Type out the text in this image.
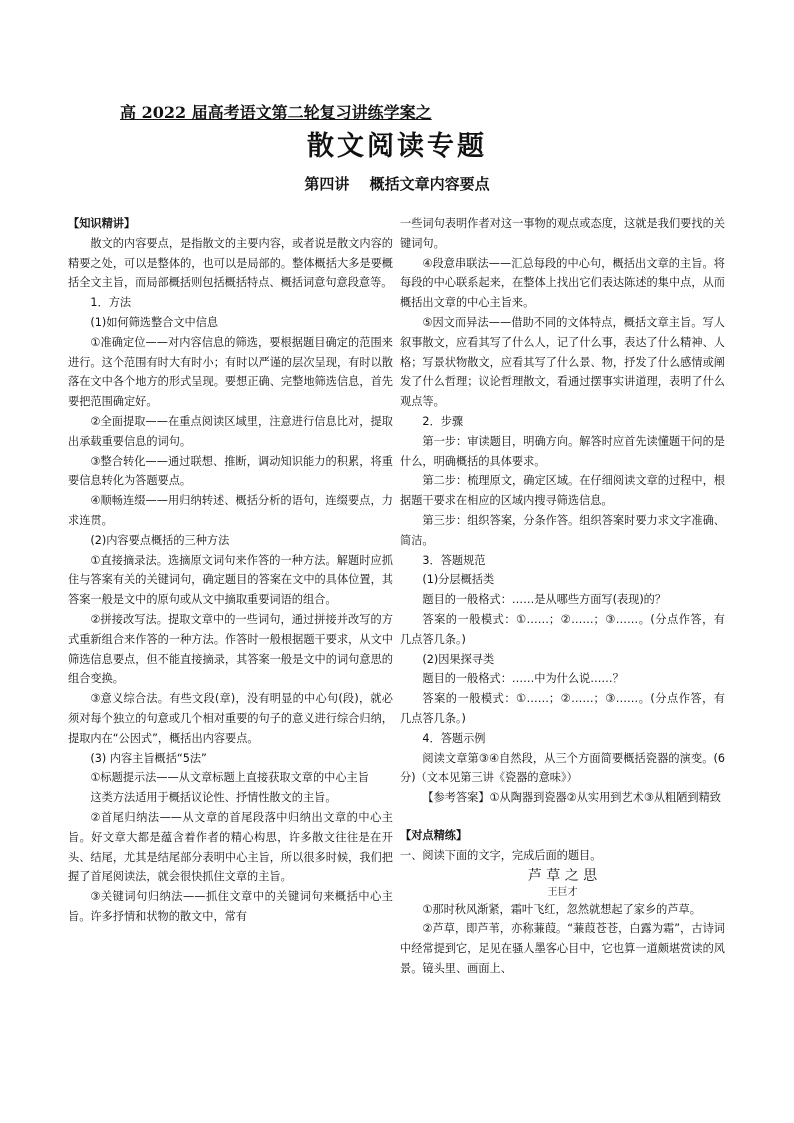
高 2022 届高考语文第二轮复习讲练学案之
散文阅读专题
第四讲　 概括文章内容要点

【知识精讲】

散文的内容要点，是指散文的主要内容，或者说是散文内容的精要之处，可以是整体的，也可以是局部的。整体概括大多是要概括全文主旨，而局部概括则包括概括特点、概括词意句意段意等。

1．方法

(1)如何筛选整合文中信息

①准确定位——对内容信息的筛选，要根据题目确定的范围来进行。这个范围有时大有时小；有时以严谨的层次呈现，有时以散落在文中各个地方的形式呈现。要想正确、完整地筛选信息，首先要把范围确定好。

②全面提取——在重点阅读区域里，注意进行信息比对，提取出承载重要信息的词句。

③整合转化——通过联想、推断，调动知识能力的积累，将重要信息转化为答题要点。

④顺畅连缀——用归纳转述、概括分析的语句，连缀要点，力求连贯。

(2)内容要点概括的三种方法

①直接摘录法。选摘原文词句来作答的一种方法。解题时应抓住与答案有关的关键词句，确定题目的答案在文中的具体位置，其答案一般是文中的原句或从文中摘取重要词语的组合。

②拼接改写法。提取文章中的一些词句，通过拼接并改写的方式重新组合来作答的一种方法。作答时一般根据题干要求，从文中筛选信息要点，但不能直接摘录，其答案一般是文中的词句意思的组合变换。

③意义综合法。有些文段(章)，没有明显的中心句(段)，就必须对每个独立的句意或几个相对重要的句子的意义进行综合归纳，提取内在“公因式”，概括出内容要点。

(3) 内容主旨概括“5法”

①标题提示法——从文章标题上直接获取文章的中心主旨

这类方法适用于概括议论性、抒情性散文的主旨。

②首尾归纳法——从文章的首尾段落中归纳出文章的中心主旨。好文章大都是蕴含着作者的精心构思，许多散文往往是在开头、结尾，尤其是结尾部分表明中心主旨，所以很多时候，我们把握了首尾阅读法，就会很快抓住文章的主旨。

③关键词句归纳法——抓住文章中的关键词句来概括中心主旨。许多抒情和状物的散文中，常有

一些词句表明作者对这一事物的观点或态度，这就是我们要找的关键词句。

④段意串联法——汇总每段的中心句，概括出文章的主旨。将每段的中心联系起来，在整体上找出它们表达陈述的集中点，从而概括出文章的中心主旨来。

⑤因文而异法——借助不同的文体特点，概括文章主旨。写人叙事散文，应看其写了什么人，记了什么事，表达了什么精神、人格；写景状物散文，应看其写了什么景、物，抒发了什么感情或阐发了什么哲理；议论哲理散文，看通过摆事实讲道理，表明了什么观点等。

2．步骤

第一步：审读题目，明确方向。解答时应首先读懂题干问的是什么，明确概括的具体要求。

第二步：梳理原文，确定区域。在仔细阅读文章的过程中，根据题干要求在相应的区域内搜寻筛选信息。

第三步：组织答案，分条作答。组织答案时要力求文字准确、简洁。

3．答题规范

(1)分层概括类

题目的一般格式：……是从哪些方面写(表现)的？

答案的一般模式：①……；②……；③……。(分点作答，有几点答几条。)

(2)因果探寻类

题目的一般格式：……中为什么说……？

答案的一般模式：①……；②……；③……。(分点作答，有几点答几条。)

4．答题示例

阅读文章第③④自然段，从三个方面简要概括瓷器的演变。(6分)（文本见第三讲《瓷器的意味》）

【参考答案】①从陶器到瓷器②从实用到艺术③从粗陋到精致

【对点精练】

一、阅读下面的文字，完成后面的题目。

芦 草 之 思

王巨才

①那时秋风渐紧，霜叶飞红，忽然就想起了家乡的芦草。

②芦草，即芦苇，亦称蒹葭。“蒹葭苍苍，白露为霜”，古诗词中经常提到它，足见在骚人墨客心目中，它也算一道颇堪赏读的风景。镜头里、画面上、
